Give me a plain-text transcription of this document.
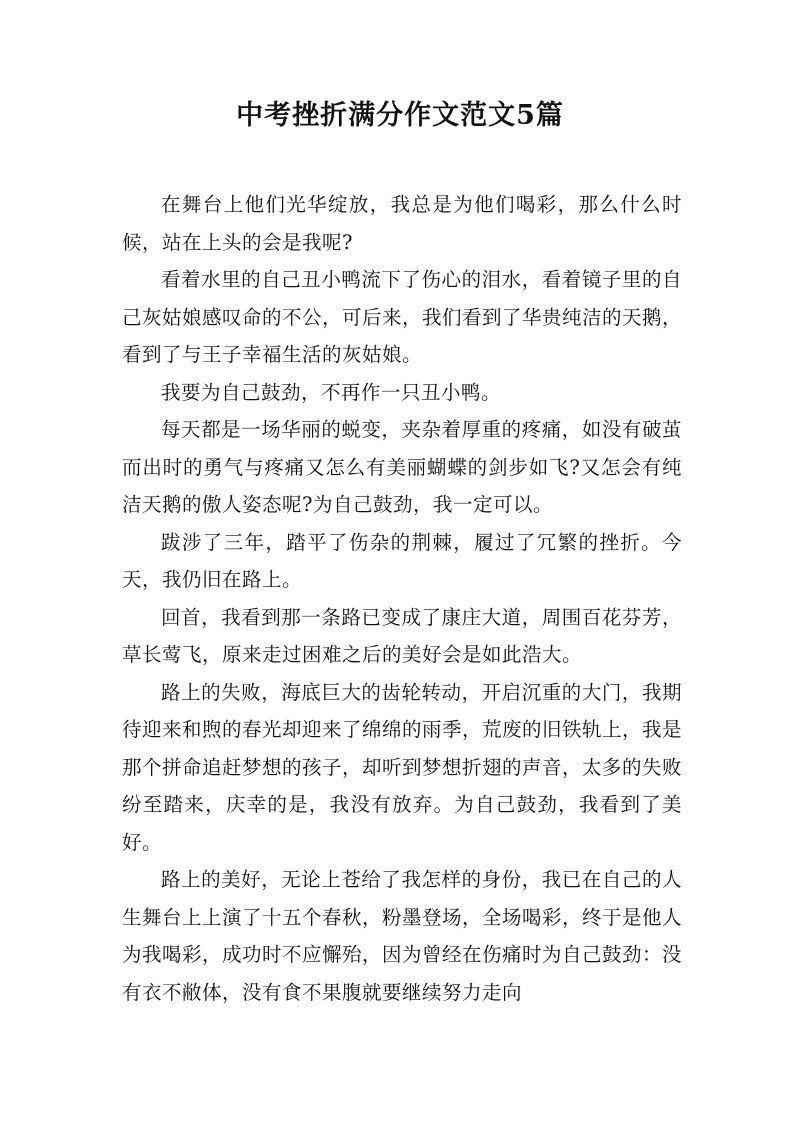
中考挫折满分作文范文5篇

在舞台上他们光华绽放，我总是为他们喝彩，那么什么时候，站在上头的会是我呢?

看着水里的自己丑小鸭流下了伤心的泪水，看着镜子里的自己灰姑娘感叹命的不公，可后来，我们看到了华贵纯洁的天鹅，看到了与王子幸福生活的灰姑娘。

我要为自己鼓劲，不再作一只丑小鸭。

每天都是一场华丽的蜕变，夹杂着厚重的疼痛，如没有破茧而出时的勇气与疼痛又怎么有美丽蝴蝶的剑步如飞?又怎会有纯洁天鹅的傲人姿态呢?为自己鼓劲，我一定可以。

跋涉了三年，踏平了伤杂的荆棘，履过了冗繁的挫折。今天，我仍旧在路上。

回首，我看到那一条路已变成了康庄大道，周围百花芬芳，草长莺飞，原来走过困难之后的美好会是如此浩大。

路上的失败，海底巨大的齿轮转动，开启沉重的大门，我期待迎来和煦的春光却迎来了绵绵的雨季，荒废的旧铁轨上，我是那个拼命追赶梦想的孩子，却听到梦想折翅的声音，太多的失败纷至踏来，庆幸的是，我没有放弃。为自己鼓劲，我看到了美好。

路上的美好，无论上苍给了我怎样的身份，我已在自己的人生舞台上上演了十五个春秋，粉墨登场，全场喝彩，终于是他人为我喝彩，成功时不应懈殆，因为曾经在伤痛时为自己鼓劲：没有衣不敝体，没有食不果腹就要继续努力走向
